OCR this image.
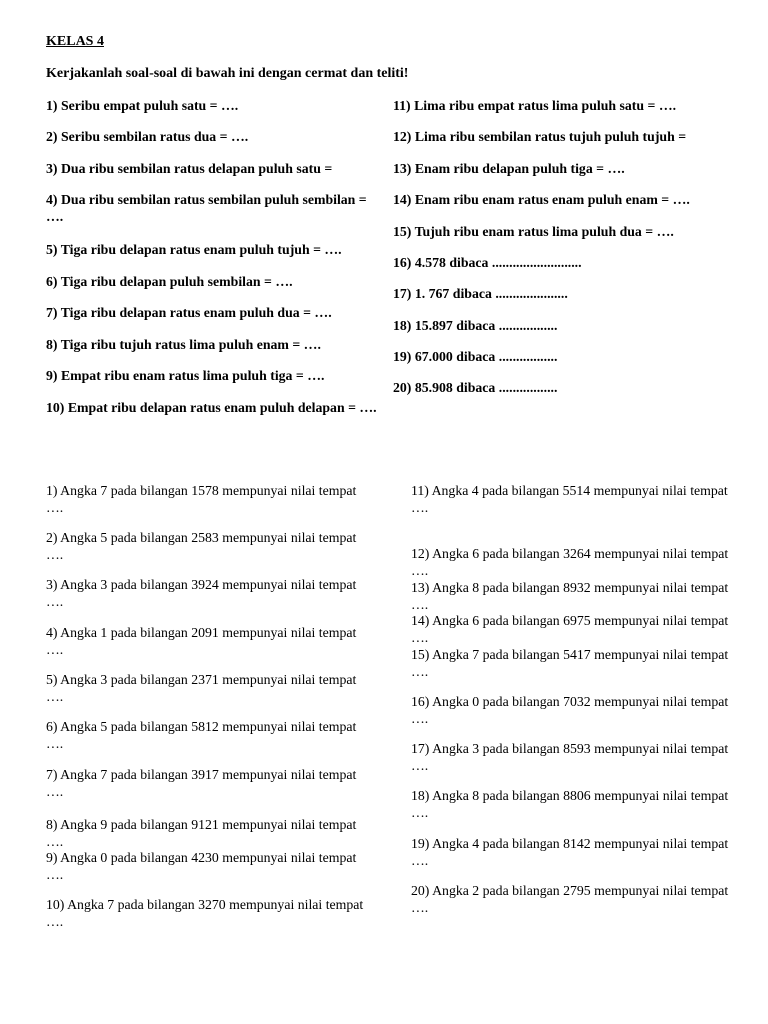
KELAS 4
Kerjakanlah soal-soal di bawah ini dengan cermat dan teliti!
1) Seribu empat puluh satu = ….
2) Seribu sembilan ratus dua = ….
3) Dua ribu sembilan ratus delapan puluh satu =
4) Dua ribu sembilan ratus sembilan puluh sembilan = ….
5) Tiga ribu delapan ratus enam puluh tujuh = ….
6) Tiga ribu delapan puluh sembilan = ….
7) Tiga ribu delapan ratus enam puluh dua = ….
8) Tiga ribu tujuh ratus lima puluh enam = ….
9) Empat ribu enam ratus lima puluh tiga = ….
10) Empat ribu delapan ratus enam puluh delapan = ….
11) Lima ribu empat ratus lima puluh satu = ….
12) Lima ribu sembilan ratus tujuh puluh tujuh =
13) Enam ribu delapan puluh tiga = ….
14) Enam ribu enam ratus enam puluh enam = ….
15) Tujuh ribu enam ratus lima puluh dua = ….
16) 4.578 dibaca ..........................
17) 1. 767 dibaca .....................
18) 15.897 dibaca .................
19) 67.000 dibaca .................
20) 85.908 dibaca .................
1) Angka 7 pada bilangan 1578 mempunyai nilai tempat ….
2) Angka 5 pada bilangan 2583 mempunyai nilai tempat ….
3) Angka 3 pada bilangan 3924 mempunyai nilai tempat ….
4) Angka 1 pada bilangan 2091 mempunyai nilai tempat ….
5) Angka 3 pada bilangan 2371 mempunyai nilai tempat ….
6) Angka 5 pada bilangan 5812 mempunyai nilai tempat ….
7) Angka 7 pada bilangan 3917 mempunyai nilai tempat ….
8) Angka 9 pada bilangan 9121 mempunyai nilai tempat ….
9) Angka 0 pada bilangan 4230 mempunyai nilai tempat ….
10) Angka 7 pada bilangan 3270 mempunyai nilai tempat ….
11) Angka 4 pada bilangan 5514 mempunyai nilai tempat ….
12) Angka 6 pada bilangan 3264 mempunyai nilai tempat ….
13) Angka 8 pada bilangan 8932 mempunyai nilai tempat ….
14) Angka 6 pada bilangan 6975 mempunyai nilai tempat ….
15) Angka 7 pada bilangan 5417 mempunyai nilai tempat ….
16) Angka 0 pada bilangan 7032 mempunyai nilai tempat ….
17) Angka 3 pada bilangan 8593 mempunyai nilai tempat ….
18) Angka 8 pada bilangan 8806 mempunyai nilai tempat ….
19) Angka 4 pada bilangan 8142 mempunyai nilai tempat ….
20) Angka 2 pada bilangan 2795 mempunyai nilai tempat ….
